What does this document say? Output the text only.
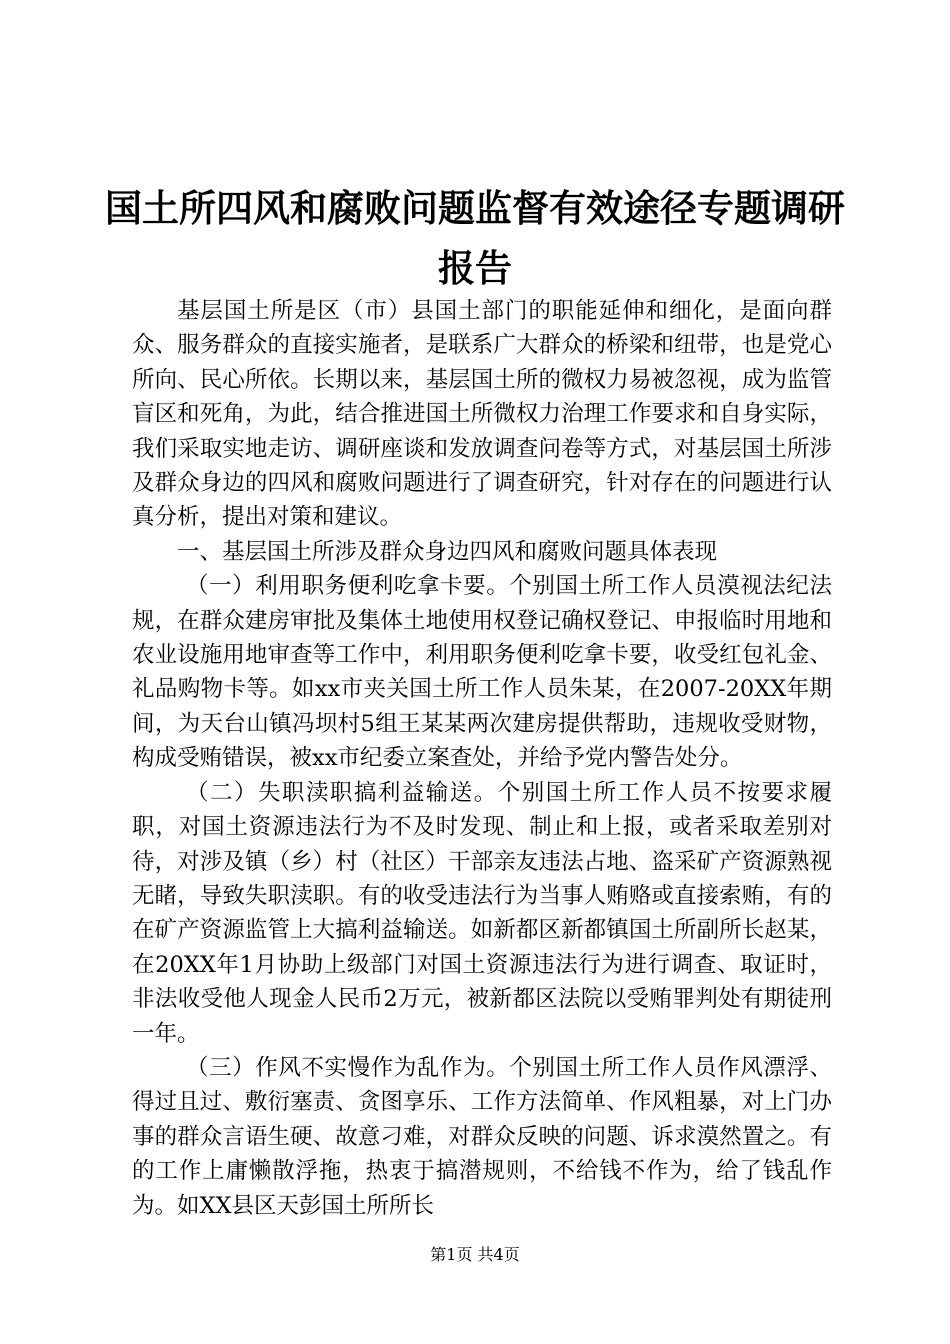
国土所四风和腐败问题监督有效途径专题调研
报告

基层国土所是区（市）县国土部门的职能延伸和细化，是面向群众、服务群众的直接实施者，是联系广大群众的桥梁和纽带，也是党心所向、民心所依。长期以来，基层国土所的微权力易被忽视，成为监管盲区和死角，为此，结合推进国土所微权力治理工作要求和自身实际，我们采取实地走访、调研座谈和发放调查问卷等方式，对基层国土所涉及群众身边的四风和腐败问题进行了调查研究，针对存在的问题进行认真分析，提出对策和建议。

一、基层国土所涉及群众身边四风和腐败问题具体表现

（一）利用职务便利吃拿卡要。个别国土所工作人员漠视法纪法规，在群众建房审批及集体土地使用权登记确权登记、申报临时用地和农业设施用地审查等工作中，利用职务便利吃拿卡要，收受红包礼金、礼品购物卡等。如xx市夹关国土所工作人员朱某，在2007-20XX年期间，为天台山镇冯坝村5组王某某两次建房提供帮助，违规收受财物，构成受贿错误，被xx市纪委立案查处，并给予党内警告处分。

（二）失职渎职搞利益输送。个别国土所工作人员不按要求履职，对国土资源违法行为不及时发现、制止和上报，或者采取差别对待，对涉及镇（乡）村（社区）干部亲友违法占地、盗采矿产资源熟视无睹，导致失职渎职。有的收受违法行为当事人贿赂或直接索贿，有的在矿产资源监管上大搞利益输送。如新都区新都镇国土所副所长赵某，在20XX年1月协助上级部门对国土资源违法行为进行调查、取证时，非法收受他人现金人民币2万元，被新都区法院以受贿罪判处有期徒刑一年。

（三）作风不实慢作为乱作为。个别国土所工作人员作风漂浮、得过且过、敷衍塞责、贪图享乐、工作方法简单、作风粗暴，对上门办事的群众言语生硬、故意刁难，对群众反映的问题、诉求漠然置之。有的工作上庸懒散浮拖，热衷于搞潜规则，不给钱不作为，给了钱乱作为。如XX县区天彭国土所所长

第1页 共4页
